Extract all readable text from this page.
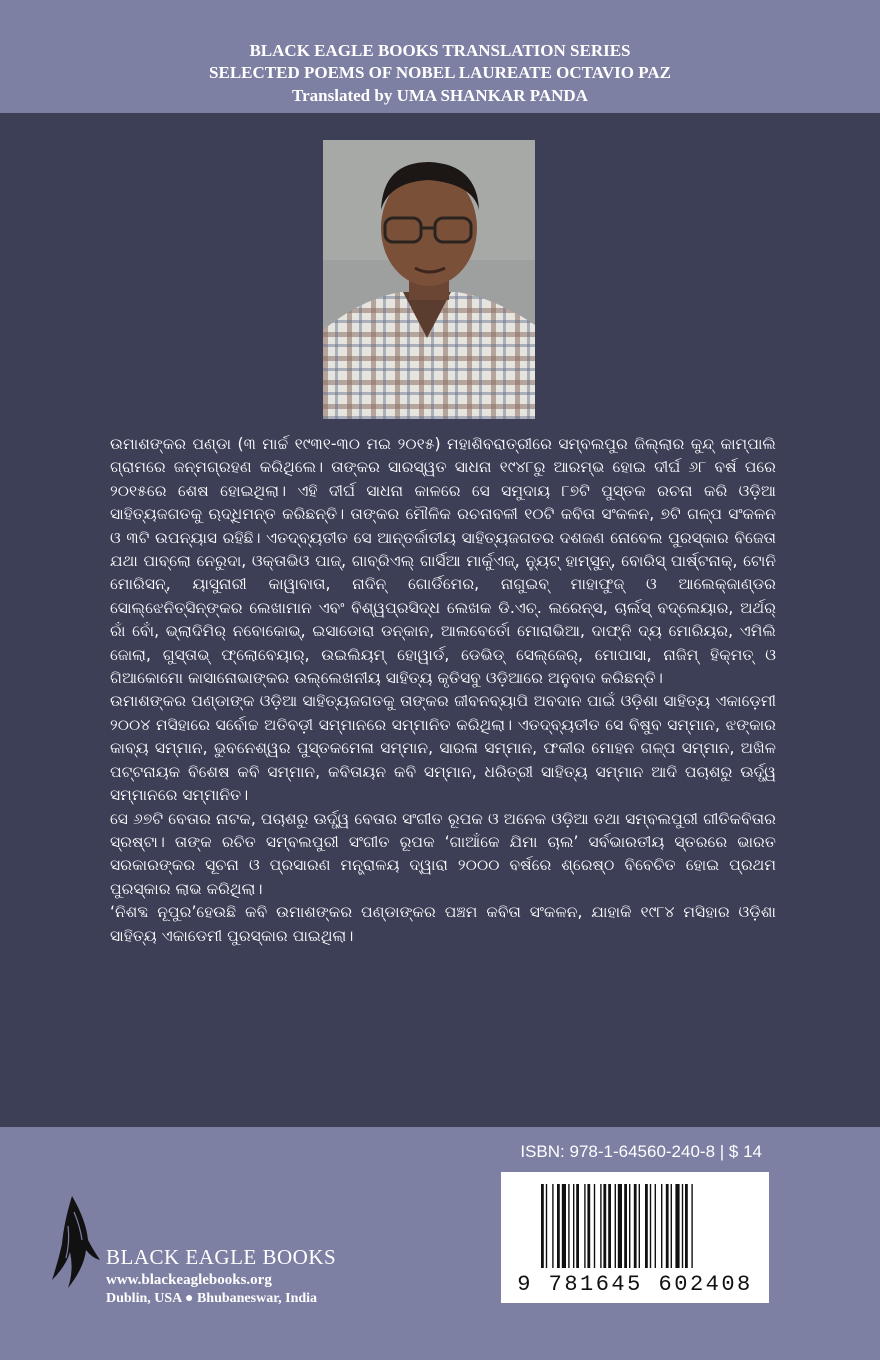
BLACK EAGLE BOOKS TRANSLATION SERIES
SELECTED POEMS OF NOBEL LAUREATE OCTAVIO PAZ
Translated by UMA SHANKAR PANDA

ଉମାଶଙ୍କର ପଣ୍ଡା (୩ ମାର୍ଚ୍ଚ ୧୯୩୧-୩୦ ମଇ ୨୦୧୫) ମହାଶିବରାତ୍ରୀରେ ସମ୍ବଲପୁର ଜିଲ୍ଲାର କୁନ୍ଦ୍ କାମ୍ପାଲି ଗ୍ରାମରେ ଜନ୍ମଗ୍ରହଣ କରିଥିଲେ। ତାଙ୍କର ସାରସ୍ୱତ ସାଧନା ୧୯୪୮ରୁ ଆରମ୍ଭ ହୋଇ ଦୀର୍ଘ ୬୮ ବର୍ଷ ପରେ ୨୦୧୫ରେ ଶେଷ ହୋଇଥିଲା। ଏହି ଦୀର୍ଘ ସାଧନା କାଳରେ ସେ ସମୁଦାୟ ୮୭ଟି ପୁସ୍ତକ ରଚନା କରି ଓଡ଼ିଆ ସାହିତ୍ୟଜଗତକୁ ଋଦ୍ଧିମନ୍ତ କରିଛନ୍ତି। ତାଙ୍କର ମୌଳିକ ରଚନାବଳୀ ୧୦ଟି କବିତା ସଂକଳନ, ୭ଟି ଗଳ୍ପ ସଂକଳନ ଓ ୩ଟି ଉପନ୍ୟାସ ରହିଛି। ଏତଦ୍‌ବ୍ୟତୀତ ସେ ଆନ୍ତର୍ଜାତୀୟ ସାହିତ୍ୟଜଗତର ଦଶଜଣ ନୋବେଲ ପୁରସ୍କାର ବିଜେତା ଯଥା ପାବ୍‌ଲୋ ନେରୁଦା, ଓକ୍ତାଭିଓ ପାଜ୍, ଗାବ୍ରିଏଲ୍ ଗାର୍ସିଆ ମାର୍କୁଏଜ୍, ନ୍ୟୁଟ୍ ହାମ୍‌ସୁନ୍, ବୋରିସ୍ ପାର୍ଷ୍ଟନାକ୍, ଟୋନି ମୋରିସନ୍, ୟାସୁନାରୀ କାୱାବାତା, ନାଦିନ୍ ଗୋର୍ଡିମେର, ନାଗୁଇବ୍ ମାହାଫୁଜ୍ ଓ ଆଲେକ୍‌ଜାଣ୍ଡର ସୋଲ୍‌ଝେନିତ୍‌ସିନ୍‌ଙ୍କର ଲେଖାମାନ ଏବଂ ବିଶ୍ୱପ୍ରସିଦ୍ଧ ଲେଖକ ଡି.ଏଚ୍. ଲରେନ୍ସ, ଚାର୍ଲସ୍ ବଦ୍‌ଲେୟାର, ଅର୍ଥର୍ ରାଁ ବୋଁ, ଭ୍ଲାଦିମିର୍ ନବୋକୋଭ୍, ଇସାଡୋରା ଡନ୍‌କାନ, ଆଲବେର୍ତୋ ମୋରାଭିଆ, ଦାଫ୍‌ନି ଦ୍ୟ ମୋରିୟର, ଏମିଲି ଜୋଲା, ଗୁସ୍ତାଭ୍ ଫ୍ଲୋବେୟାର୍, ଉଇଲିୟମ୍ ହୋୱାର୍ଡ, ଡେଭିଡ୍ ସେଲ୍‌ଜେର୍, ମୋପାସା, ନାଜିମ୍ ହିକ୍‌ମତ୍ ଓ ଗିଆକୋମୋ କାସାନୋଭାଙ୍କର ଉଲ୍ଲେଖନୀୟ ସାହିତ୍ୟ କୃତିସବୁ ଓଡ଼ିଆରେ ଅନୁବାଦ କରିଛନ୍ତି।

ଉମାଶଙ୍କର ପଣ୍ଡାଙ୍କ ଓଡ଼ିଆ ସାହିତ୍ୟଜଗତକୁ ତାଙ୍କର ଜୀବନବ୍ୟାପି ଅବଦାନ ପାଇଁ ଓଡ଼ିଶା ସାହିତ୍ୟ ଏକାଡ଼େମୀ ୨୦୦୪ ମସିହାରେ ସର୍ବୋଚ୍ଚ ଅତିବଡ଼ୀ ସମ୍ମାନରେ ସମ୍ମାନିତ କରିଥିଲା। ଏତଦ୍‌ବ୍ୟତୀତ ସେ ବିଷୁବ ସମ୍ମାନ, ଝଙ୍କାର କାବ୍ୟ ସମ୍ମାନ, ଭୁବନେଶ୍ୱର ପୁସ୍ତକମେଳା ସମ୍ମାନ, ସାରଳା ସମ୍ମାନ, ଫକୀର ମୋହନ ଗଳ୍ପ ସମ୍ମାନ, ଅଖିଳ ପଟ୍ଟନାୟକ ବିଶେଷ କବି ସମ୍ମାନ, କବିତାୟନ କବି ସମ୍ମାନ, ଧରିତ୍ରୀ ସାହିତ୍ୟ ସମ୍ମାନ ଆଦି ପଚାଶରୁ ଊର୍ଦ୍ଧ୍ୱ ସମ୍ମାନରେ ସମ୍ମାନିତ।

ସେ ୬୭ଟି ବେତାର ନାଟକ, ପଚାଶରୁ ଊର୍ଦ୍ଧ୍ୱ ବେତାର ସଂଗୀତ ରୂପକ ଓ ଅନେକ ଓଡ଼ିଆ ତଥା ସମ୍ବଲପୁରୀ ଗୀତିକବିତାର ସ୍ରଷ୍ଟା। ତାଙ୍କ ରଚିତ ସମ୍ବଲପୁରୀ ସଂଗୀତ ରୂପକ ‘ଗାଆଁକେ ଯିମା ଚାଲ’ ସର୍ବଭାରତୀୟ ସ୍ତରରେ ଭାରତ ସରକାରଙ୍କର ସୂଚନା ଓ ପ୍ରସାରଣ ମନ୍ତ୍ରାଳୟ ଦ୍ୱାରା ୨୦୦୦ ବର୍ଷରେ ଶ୍ରେଷ୍ଠ ବିବେଚିତ ହୋଇ ପ୍ରଥମ ପୁରସ୍କାର ଲାଭ କରିଥିଲା।

‘ନିଶବ୍ଦ ନୂପୁର’ହେଉଛି କବି ଉମାଶଙ୍କର ପଣ୍ଡାଙ୍କର ପଞ୍ଚମ କବିତା ସଂକଳନ, ଯାହାକି ୧୯୮୪ ମସିହାର ଓଡ଼ିଶା ସାହିତ୍ୟ ଏକାଡେମୀ ପୁରସ୍କାର ପାଇଥିଲା।

ISBN: 978-1-64560-240-8 | $ 14
9 781645 602408
BLACK EAGLE BOOKS
www.blackeaglebooks.org
Dublin, USA ● Bhubaneswar, India
